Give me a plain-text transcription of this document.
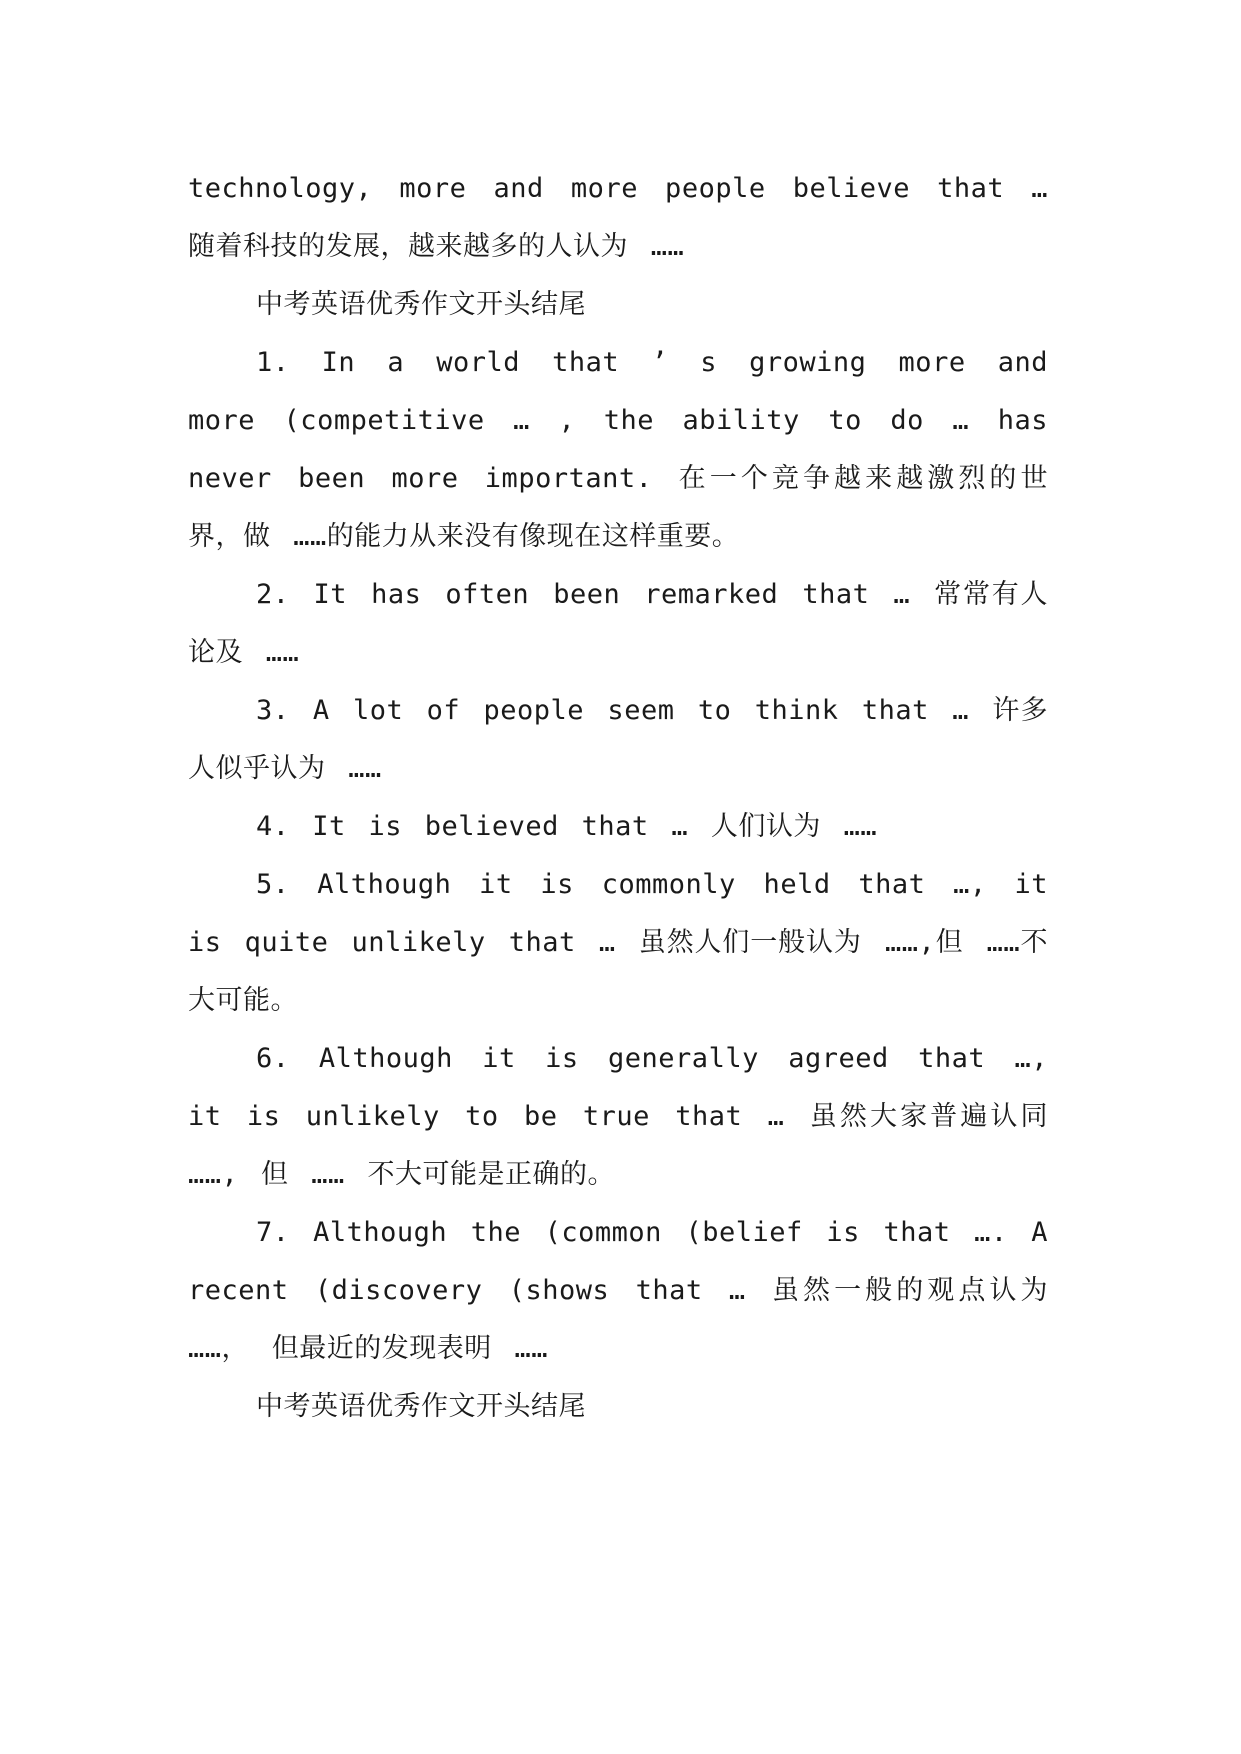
technology, more and more people believe that … 随着科技的发展，越来越多的人认为 ……

中考英语优秀作文开头结尾

1. In a world that ’ s growing more and more (competitive … , the ability to do … has never been more important. 在一个竞争越来越激烈的世界，做 ……的能力从来没有像现在这样重要。

2. It has often been remarked that … 常常有人论及 ……

3. A lot of people seem to think that … 许多人似乎认为 ……

4. It is believed that … 人们认为 ……

5. Although it is commonly held that …, it is quite unlikely that … 虽然人们一般认为 ……,但 ……不大可能。

6. Although it is generally agreed that …, it is unlikely to be true that … 虽然大家普遍认同 ……, 但 …… 不大可能是正确的。

7. Although the (common (belief is that …. A recent (discovery (shows that … 虽然一般的观点认为 ……， 但最近的发现表明 ……

中考英语优秀作文开头结尾
